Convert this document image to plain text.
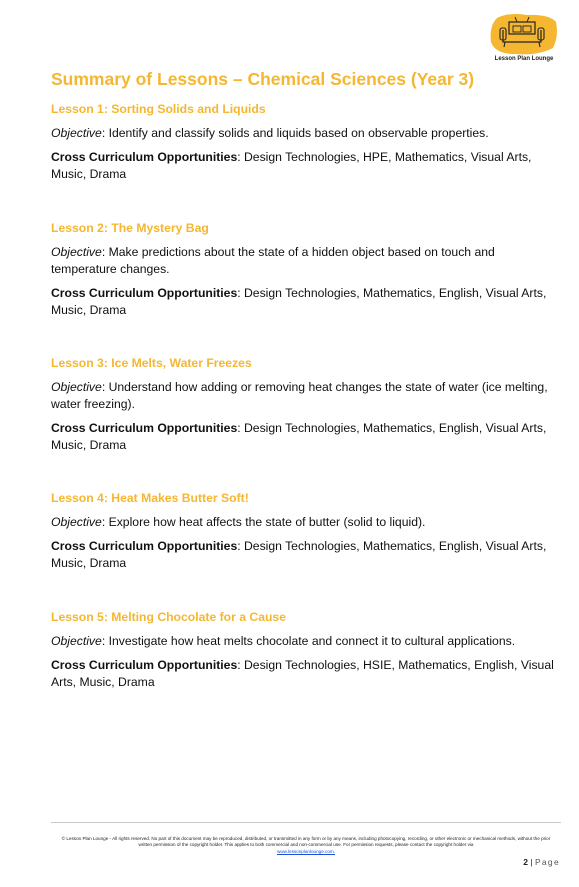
Lesson Plan Lounge
Summary of Lessons – Chemical Sciences (Year 3)
Lesson 1: Sorting Solids and Liquids
Objective: Identify and classify solids and liquids based on observable properties.
Cross Curriculum Opportunities: Design Technologies, HPE, Mathematics, Visual Arts, Music, Drama
Lesson 2: The Mystery Bag
Objective: Make predictions about the state of a hidden object based on touch and temperature changes.
Cross Curriculum Opportunities: Design Technologies, Mathematics, English, Visual Arts, Music, Drama
Lesson 3: Ice Melts, Water Freezes
Objective: Understand how adding or removing heat changes the state of water (ice melting, water freezing).
Cross Curriculum Opportunities: Design Technologies, Mathematics, English, Visual Arts, Music, Drama
Lesson 4: Heat Makes Butter Soft!
Objective: Explore how heat affects the state of butter (solid to liquid).
Cross Curriculum Opportunities: Design Technologies, Mathematics, English, Visual Arts, Music, Drama
Lesson 5: Melting Chocolate for a Cause
Objective: Investigate how heat melts chocolate and connect it to cultural applications.
Cross Curriculum Opportunities: Design Technologies, HSIE, Mathematics, English, Visual Arts, Music, Drama
© Lesson Plan Lounge - All rights reserved. No part of this document may be reproduced, distributed, or transmitted in any form or by any means, including photocopying, recording, or other electronic or mechanical methods, without the prior written permission of the copyright holder. This applies to both commercial and non-commercial use. For permission requests, please contact the copyright holder via
www.lessonplanlounge.com.
2 | Page
